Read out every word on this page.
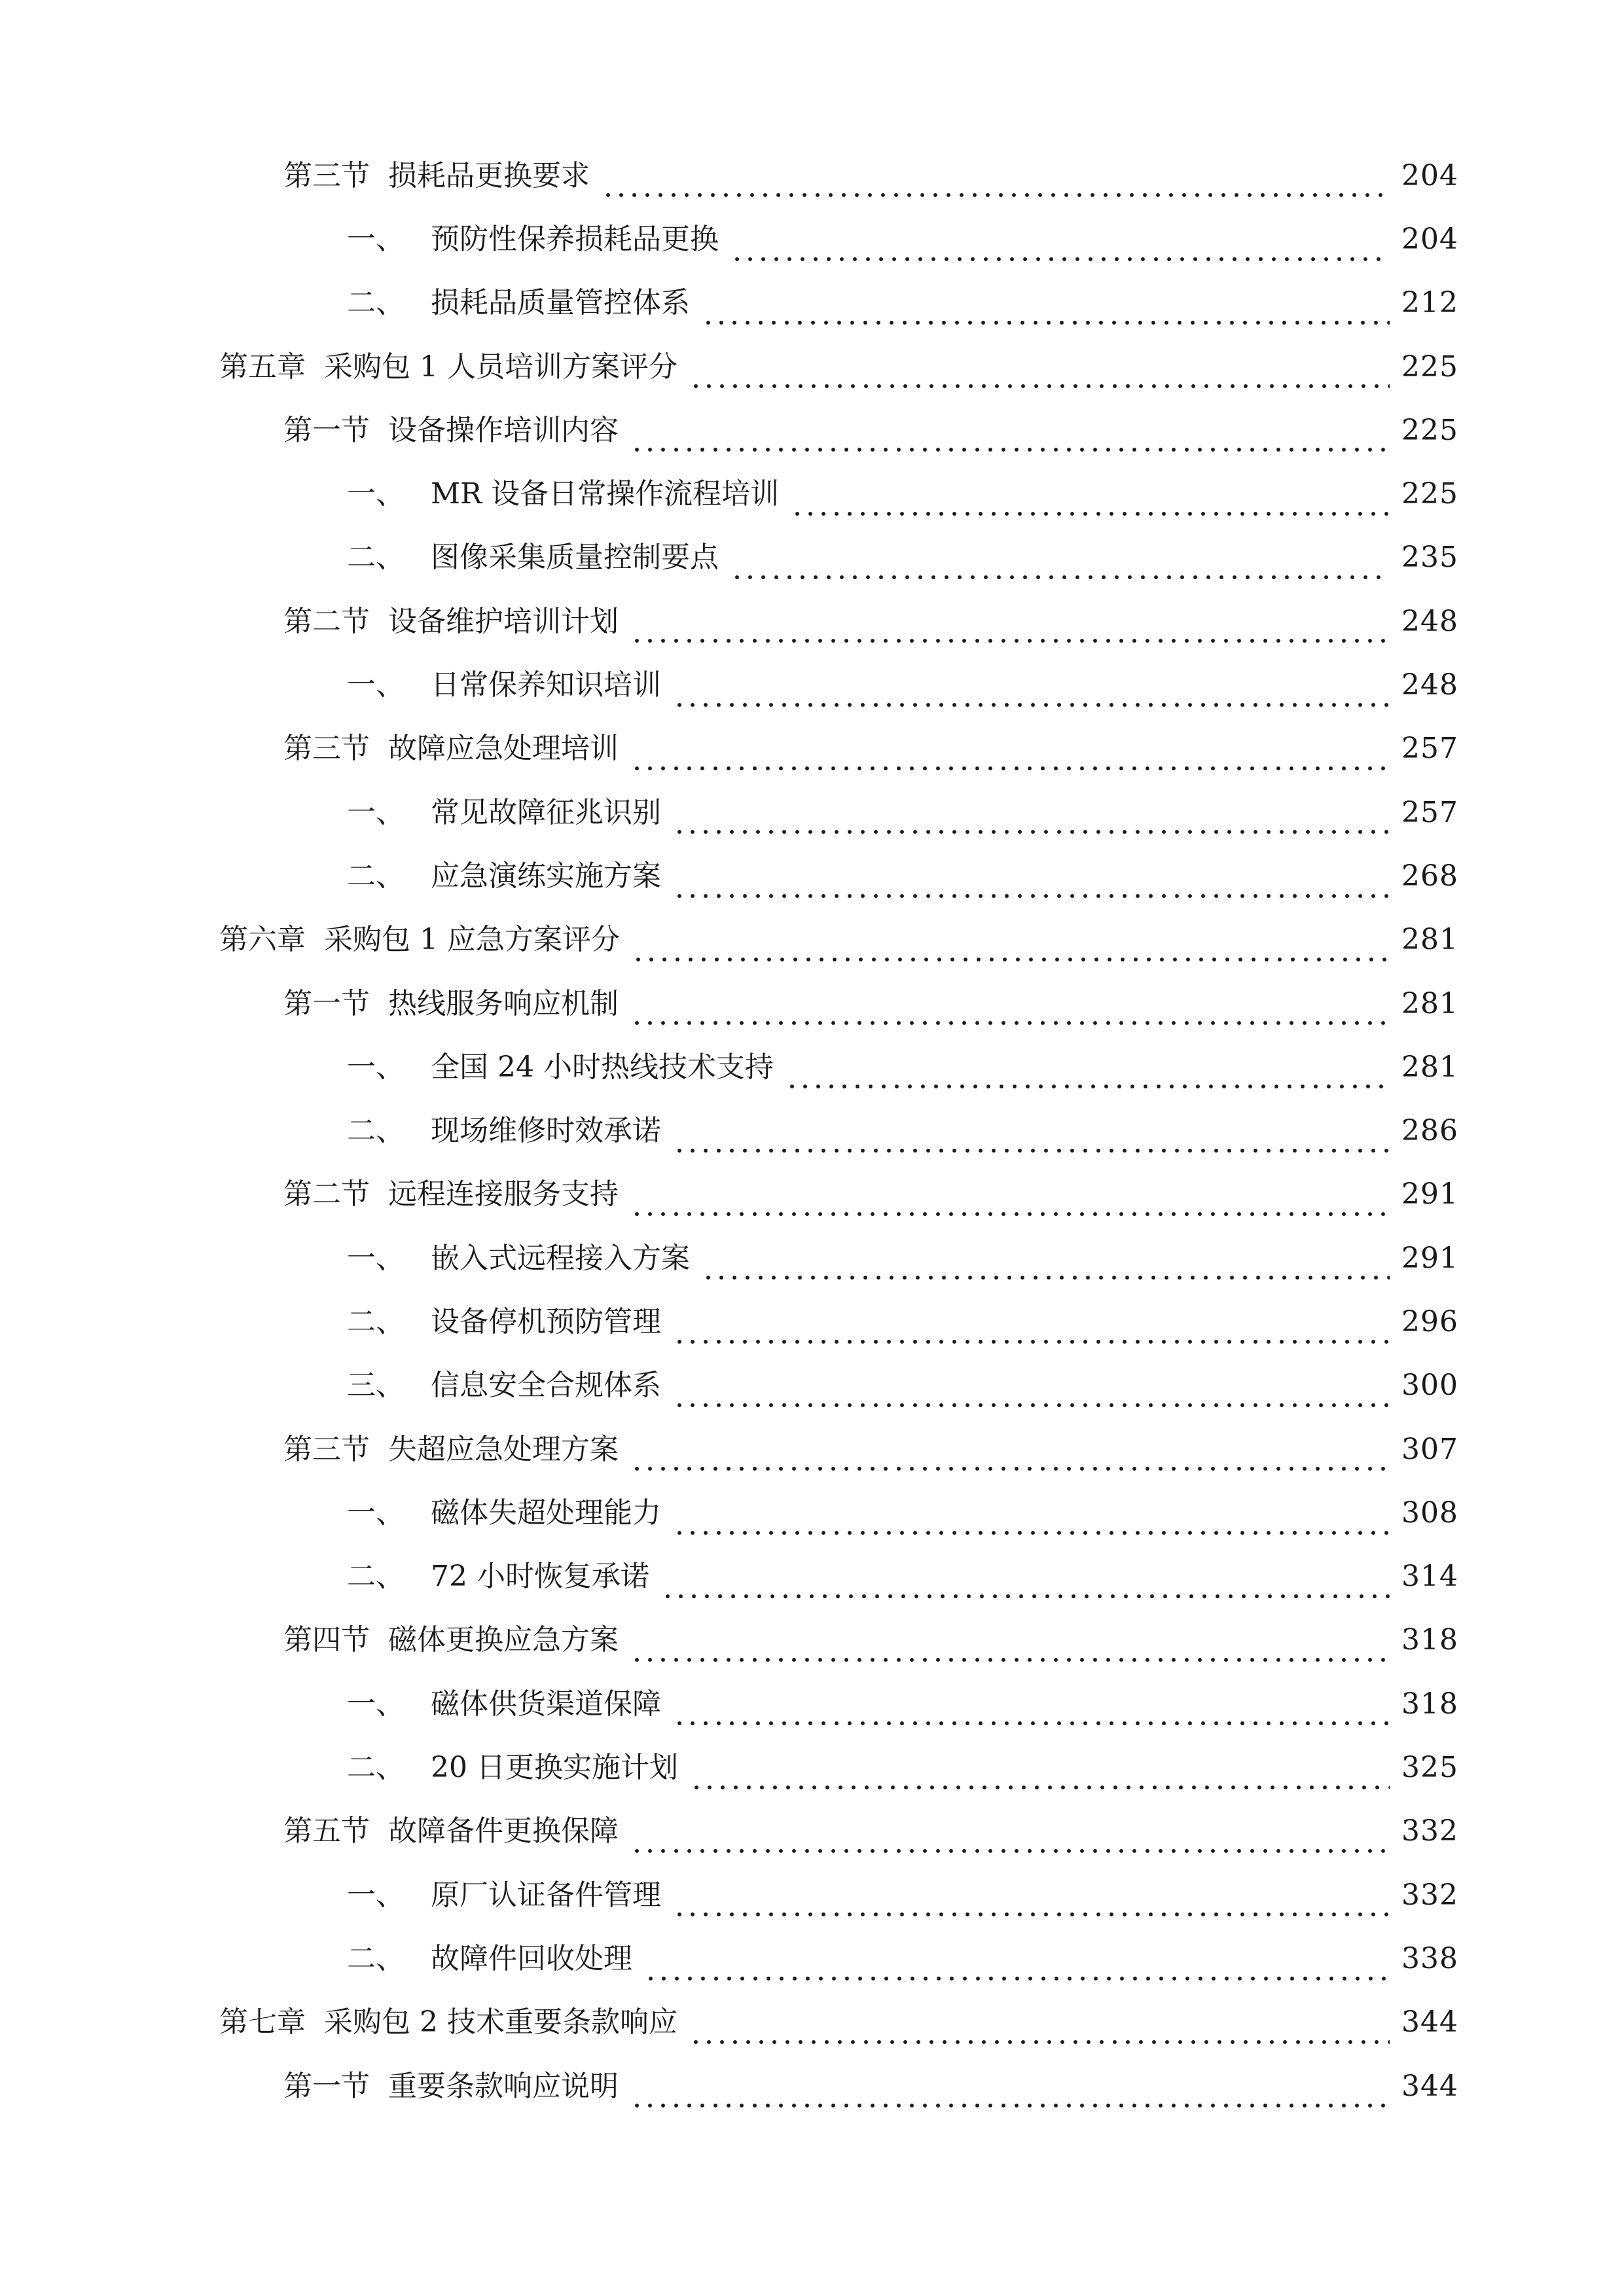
第三节 损耗品更换要求	204
一、 预防性保养损耗品更换	204
二、 损耗品质量管控体系	212
第五章 采购包 1 人员培训方案评分	225
第一节 设备操作培训内容	225
一、 MR 设备日常操作流程培训	225
二、 图像采集质量控制要点	235
第二节 设备维护培训计划	248
一、 日常保养知识培训	248
第三节 故障应急处理培训	257
一、 常见故障征兆识别	257
二、 应急演练实施方案	268
第六章 采购包 1 应急方案评分	281
第一节 热线服务响应机制	281
一、 全国 24 小时热线技术支持	281
二、 现场维修时效承诺	286
第二节 远程连接服务支持	291
一、 嵌入式远程接入方案	291
二、 设备停机预防管理	296
三、 信息安全合规体系	300
第三节 失超应急处理方案	307
一、 磁体失超处理能力	308
二、 72 小时恢复承诺	314
第四节 磁体更换应急方案	318
一、 磁体供货渠道保障	318
二、 20 日更换实施计划	325
第五节 故障备件更换保障	332
一、 原厂认证备件管理	332
二、 故障件回收处理	338
第七章 采购包 2 技术重要条款响应	344
第一节 重要条款响应说明	344
